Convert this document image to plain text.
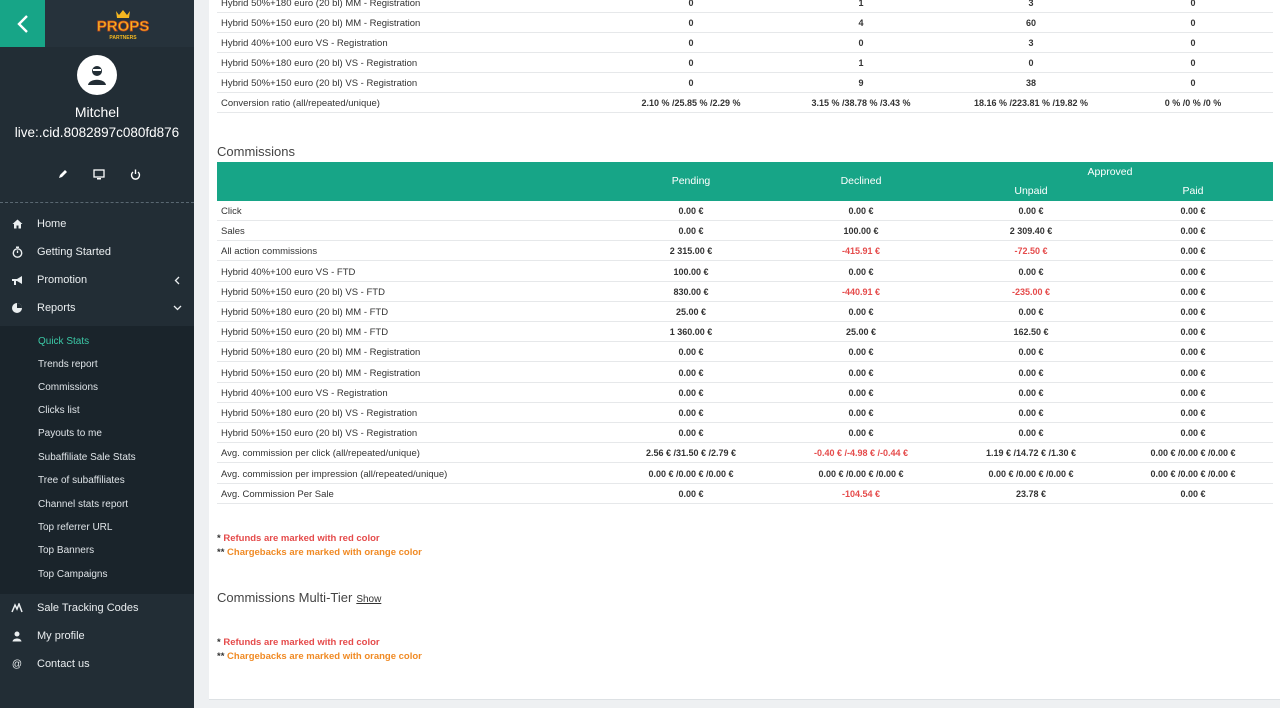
PROPS
PARTNERS
Mitchel
live:.cid.8082897c080fd876
Home
Getting Started
Promotion
Reports
Quick Stats
Trends report
Commissions
Clicks list
Payouts to me
Subaffiliate Sale Stats
Tree of subaffiliates
Channel stats report
Top referrer URL
Top Banners
Top Campaigns
Sale Tracking Codes
My profile
@ Contact us
Hybrid 50%+180 euro (20 bl) MM - Registration	0	1	3	0
Hybrid 50%+150 euro (20 bl) MM - Registration	0	4	60	0
Hybrid 40%+100 euro VS - Registration	0	0	3	0
Hybrid 50%+180 euro (20 bl) VS - Registration	0	1	0	0
Hybrid 50%+150 euro (20 bl) VS - Registration	0	9	38	0
Conversion ratio (all/repeated/unique)	2.10 % /25.85 % /2.29 %	3.15 % /38.78 % /3.43 %	18.16 % /223.81 % /19.82 %	0 % /0 % /0 %
Commissions
Pending	Declined
Approved
Unpaid	Paid
Click	0.00 €	0.00 €	0.00 €	0.00 €
Sales	0.00 €	100.00 €	2 309.40 €	0.00 €
All action commissions	2 315.00 €	-415.91 €	-72.50 €	0.00 €
Hybrid 40%+100 euro VS - FTD	100.00 €	0.00 €	0.00 €	0.00 €
Hybrid 50%+150 euro (20 bl) VS - FTD	830.00 €	-440.91 €	-235.00 €	0.00 €
Hybrid 50%+180 euro (20 bl) MM - FTD	25.00 €	0.00 €	0.00 €	0.00 €
Hybrid 50%+150 euro (20 bl) MM - FTD	1 360.00 €	25.00 €	162.50 €	0.00 €
Hybrid 50%+180 euro (20 bl) MM - Registration	0.00 €	0.00 €	0.00 €	0.00 €
Hybrid 50%+150 euro (20 bl) MM - Registration	0.00 €	0.00 €	0.00 €	0.00 €
Hybrid 40%+100 euro VS - Registration	0.00 €	0.00 €	0.00 €	0.00 €
Hybrid 50%+180 euro (20 bl) VS - Registration	0.00 €	0.00 €	0.00 €	0.00 €
Hybrid 50%+150 euro (20 bl) VS - Registration	0.00 €	0.00 €	0.00 €	0.00 €
Avg. commission per click (all/repeated/unique)	2.56 € /31.50 € /2.79 €	-0.40 € /-4.98 € /-0.44 €	1.19 € /14.72 € /1.30 €	0.00 € /0.00 € /0.00 €
Avg. commission per impression (all/repeated/unique)	0.00 € /0.00 € /0.00 €	0.00 € /0.00 € /0.00 €	0.00 € /0.00 € /0.00 €	0.00 € /0.00 € /0.00 €
Avg. Commission Per Sale	0.00 €	-104.54 €	23.78 €	0.00 €
* Refunds are marked with red color
** Chargebacks are marked with orange color
Commissions Multi-Tier Show
* Refunds are marked with red color
** Chargebacks are marked with orange color
